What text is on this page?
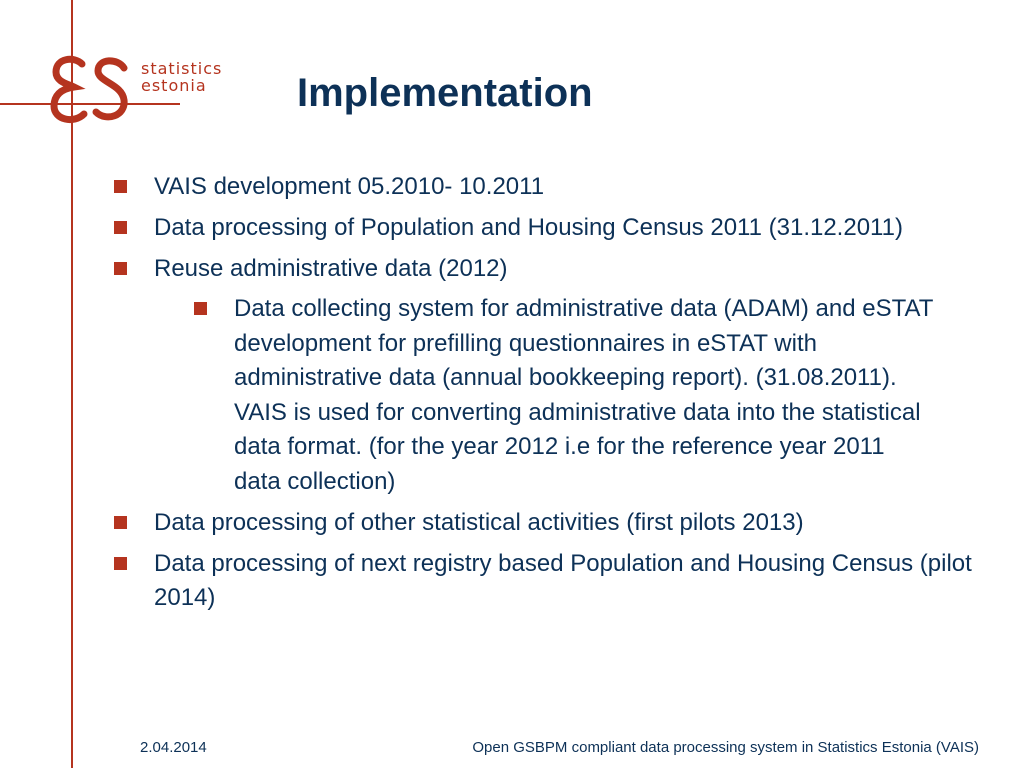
statistics
estonia	Implementation
VAIS development 05.2010- 10.2011
Data processing of Population and Housing Census 2011 (31.12.2011)
Reuse administrative data (2012)
Data collecting system for administrative data (ADAM) and eSTAT development for prefilling questionnaires in eSTAT with administrative data (annual bookkeeping report). (31.08.2011). VAIS is used for converting administrative data into the statistical data format. (for the year 2012 i.e for the reference year 2011 data collection)
Data processing of other statistical activities (first pilots 2013)
Data processing of next registry based Population and Housing Census (pilot 2014)
2.04.2014	Open GSBPM compliant data processing system in Statistics Estonia (VAIS)
